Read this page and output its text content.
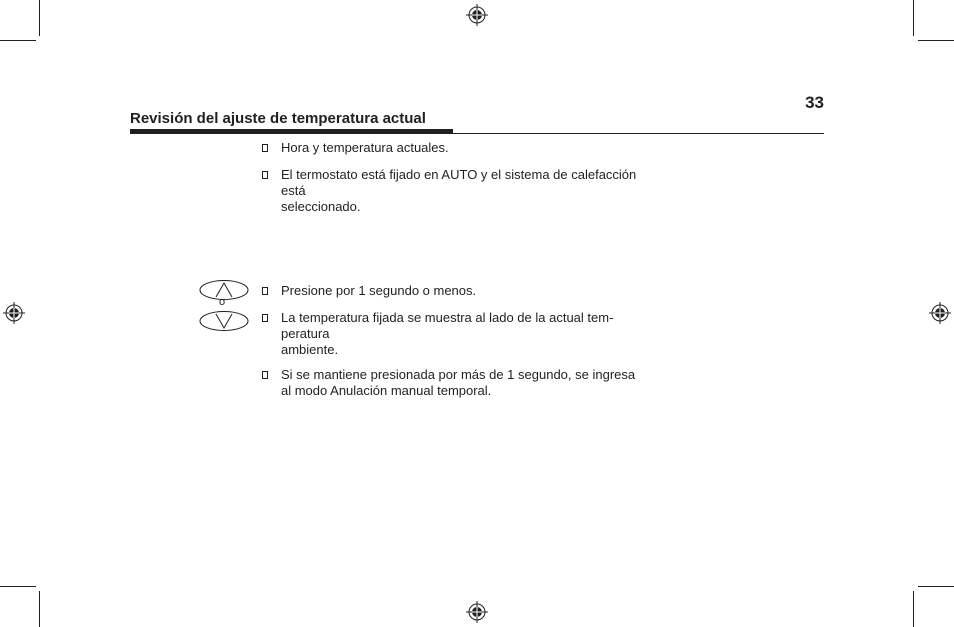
33
Revisión del ajuste de temperatura actual
Hora y temperatura actuales.
El termostato está fijado en AUTO y el sistema de calefacción
está
seleccionado.
o
Presione por 1 segundo o menos.
La temperatura fijada se muestra al lado de la actual tem-
peratura
ambiente.
Si se mantiene presionada por más de 1 segundo, se ingresa
al modo Anulación manual temporal.
